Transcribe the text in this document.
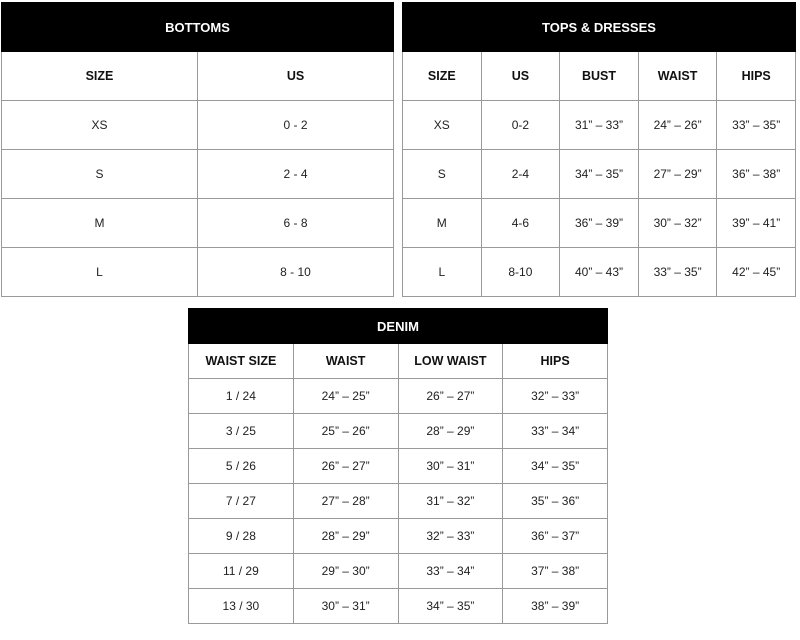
BOTTOMS	
SIZE	US
XS	0 - 2
S	2 - 4
M	6 - 8
L	8 - 10
TOPS & DRESSES				
SIZE	US	BUST	WAIST	HIPS
XS	0-2	31” – 33”	24” – 26”	33” – 35”
S	2-4	34” – 35”	27” – 29”	36” – 38”
M	4-6	36” – 39”	30” – 32”	39” – 41”
L	8-10	40” – 43”	33” – 35”	42” – 45”
DENIM			
WAIST SIZE	WAIST	LOW WAIST	HIPS
1 / 24	24” – 25”	26” – 27”	32” – 33”
3 / 25	25” – 26”	28” – 29”	33” – 34”
5 / 26	26” – 27”	30” – 31”	34” – 35”
7 / 27	27” – 28”	31” – 32”	35” – 36”
9 / 28	28” – 29”	32” – 33”	36” – 37”
11 / 29	29” – 30”	33” – 34”	37” – 38”
13 / 30	30” – 31”	34” – 35”	38” – 39”
